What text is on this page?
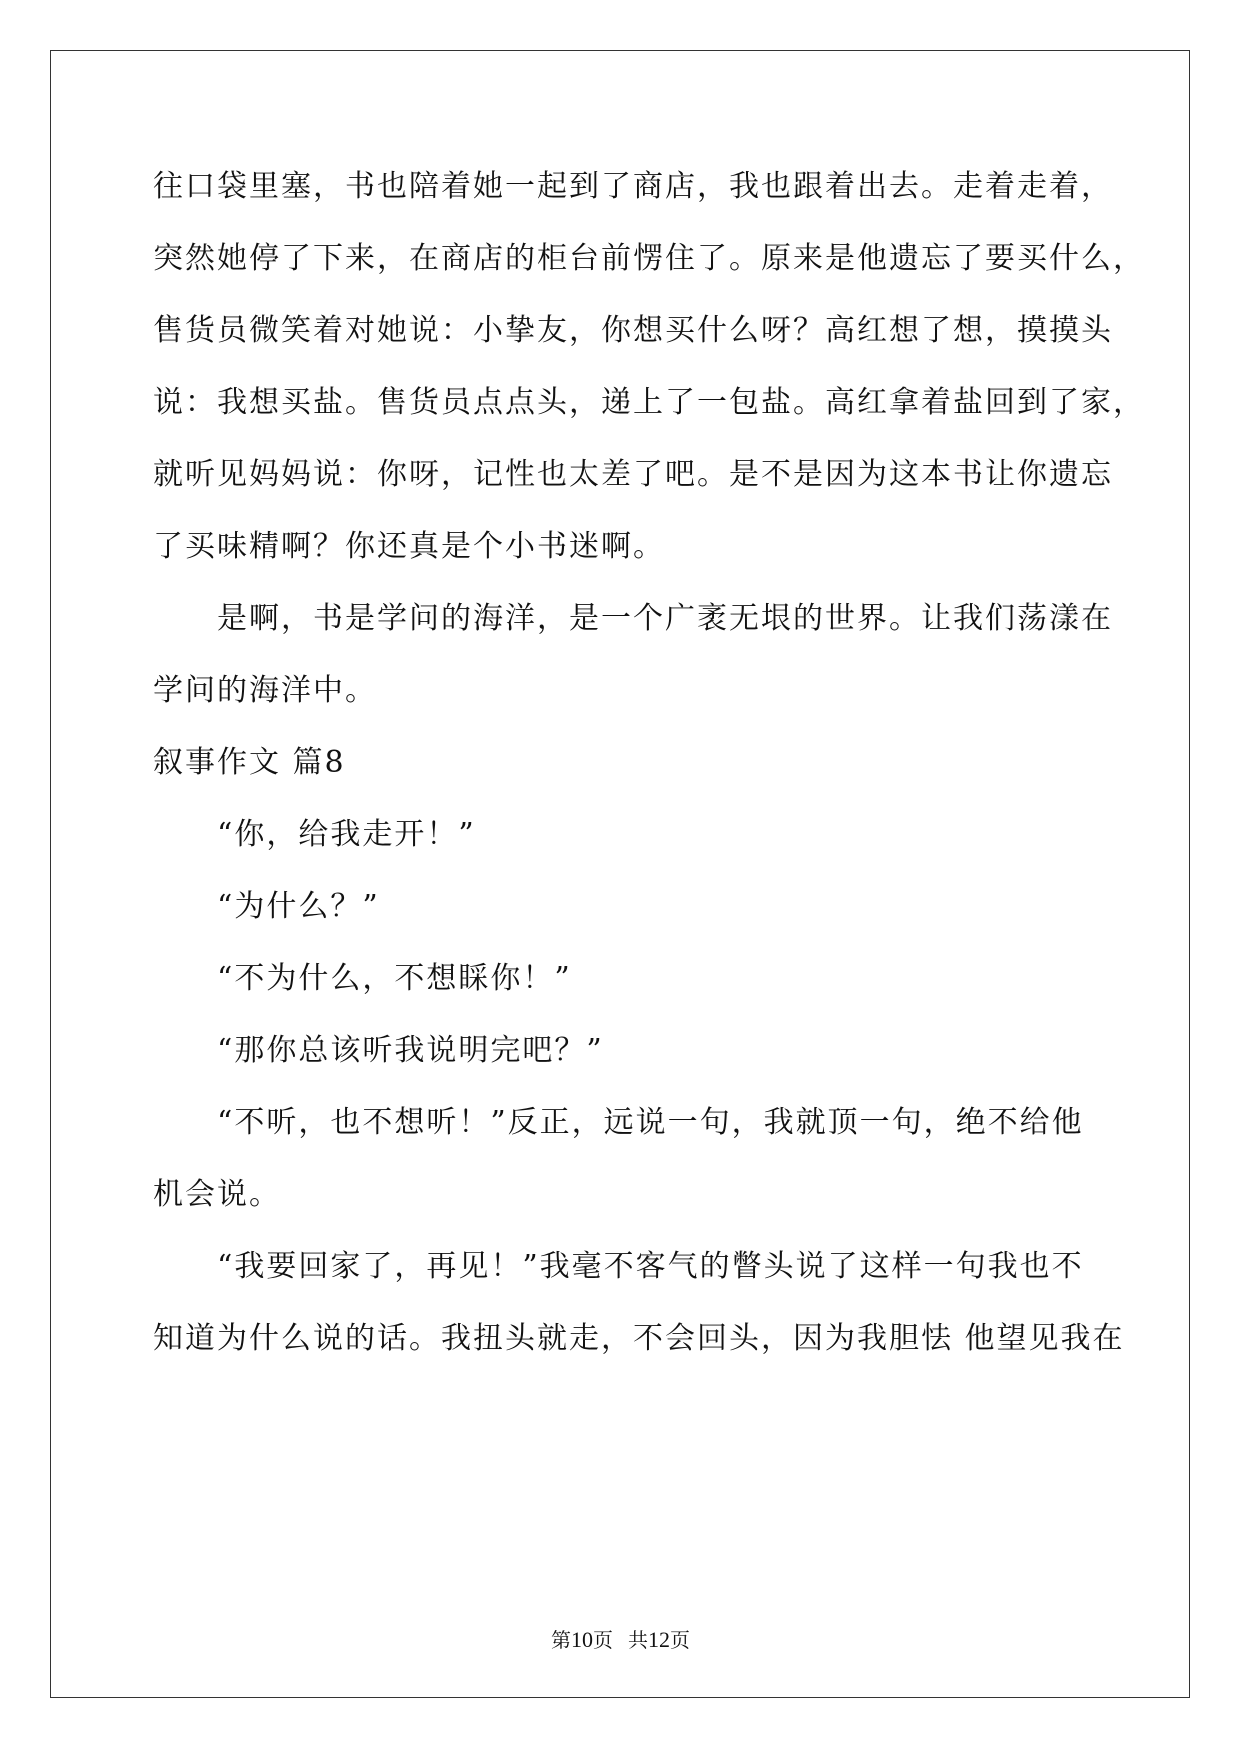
往口袋里塞，书也陪着她一起到了商店，我也跟着出去。走着走着，
突然她停了下来，在商店的柜台前愣住了。原来是他遗忘了要买什么，
售货员微笑着对她说：小挚友，你想买什么呀？高红想了想，摸摸头
说：我想买盐。售货员点点头，递上了一包盐。高红拿着盐回到了家，
就听见妈妈说：你呀，记性也太差了吧。是不是因为这本书让你遗忘
了买味精啊？你还真是个小书迷啊。
是啊，书是学问的海洋，是一个广袤无垠的世界。让我们荡漾在
学问的海洋中。
叙事作文 篇8
“你，给我走开！”
“为什么？”
“不为什么，不想睬你！”
“那你总该听我说明完吧？”
“不听，也不想听！”反正，远说一句，我就顶一句，绝不给他
机会说。
“我要回家了，再见！”我毫不客气的瞥头说了这样一句我也不
知道为什么说的话。我扭头就走，不会回头，因为我胆怯 他望见我在
第10页 共12页
